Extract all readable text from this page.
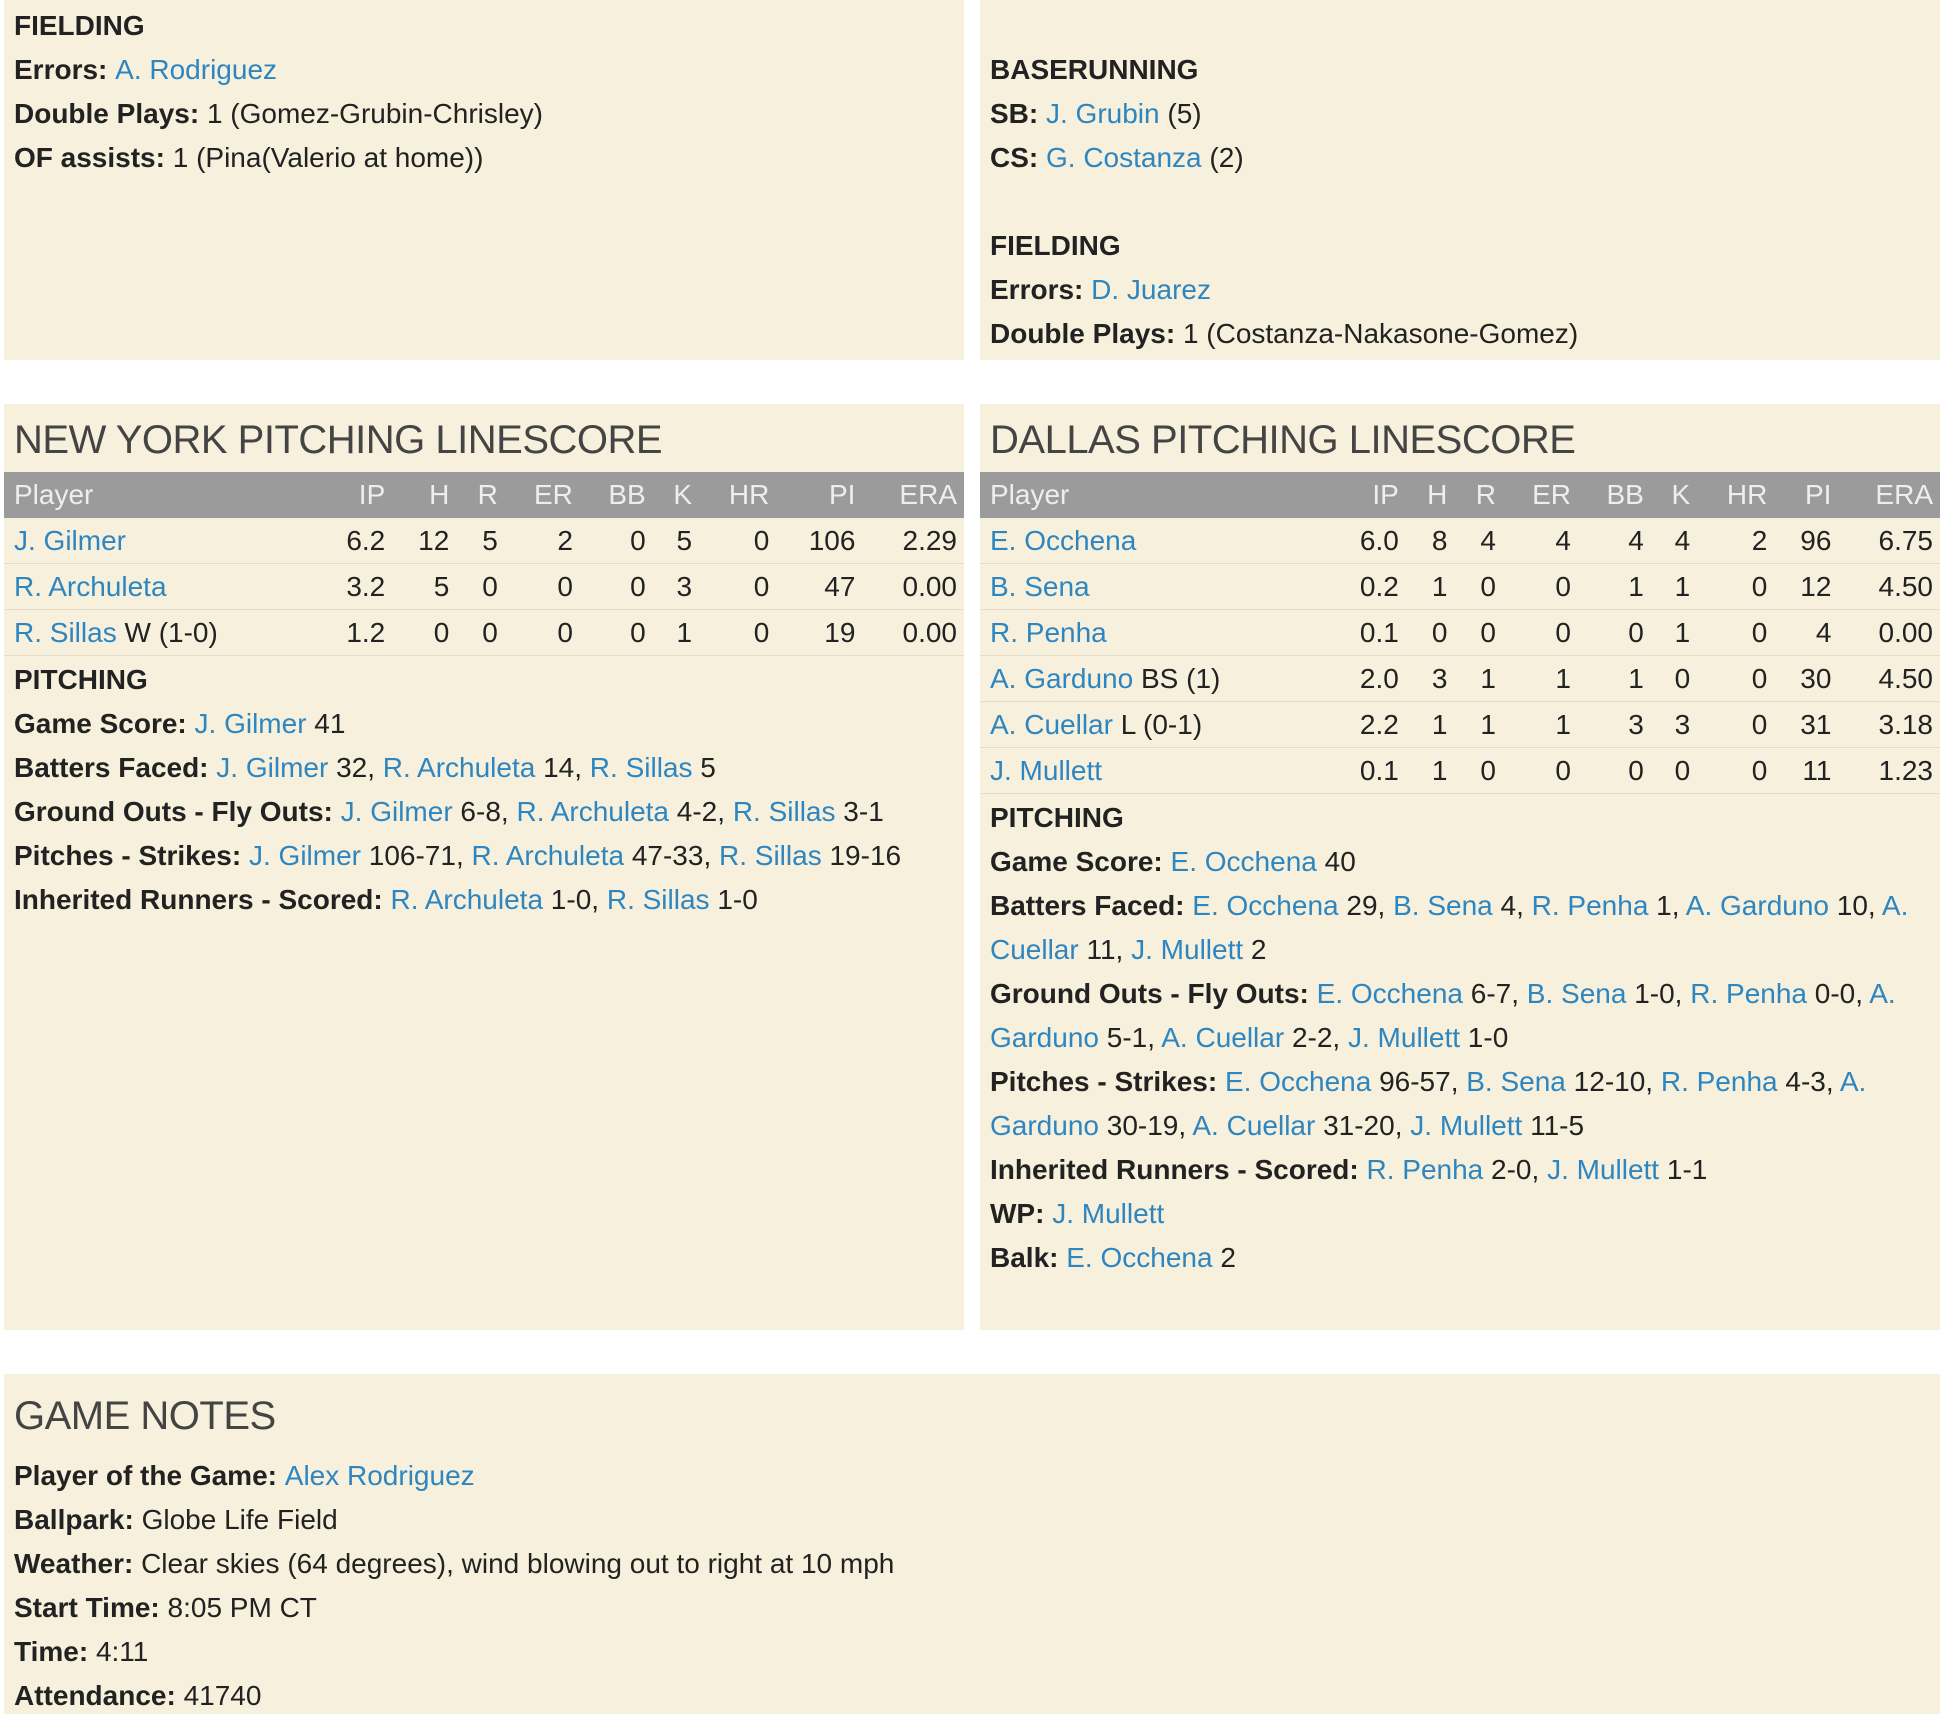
FIELDING
Errors: A. Rodriguez
Double Plays: 1 (Gomez-Grubin-Chrisley)
OF assists: 1 (Pina(Valerio at home))
BASERUNNING
SB: J. Grubin (5)
CS: G. Costanza (2)
FIELDING
Errors: D. Juarez
Double Plays: 1 (Costanza-Nakasone-Gomez)
NEW YORK PITCHING LINESCORE
Player	IP	H	R	ER	BB	K	HR	PI	ERA
J. Gilmer	6.2	12	5	2	0	5	0	106	2.29
R. Archuleta	3.2	5	0	0	0	3	0	47	0.00
R. Sillas W (1-0)	1.2	0	0	0	0	1	0	19	0.00
PITCHING
Game Score: J. Gilmer 41
Batters Faced: J. Gilmer 32, R. Archuleta 14, R. Sillas 5
Ground Outs - Fly Outs: J. Gilmer 6-8, R. Archuleta 4-2, R. Sillas 3-1
Pitches - Strikes: J. Gilmer 106-71, R. Archuleta 47-33, R. Sillas 19-16
Inherited Runners - Scored: R. Archuleta 1-0, R. Sillas 1-0
DALLAS PITCHING LINESCORE
Player	IP	H	R	ER	BB	K	HR	PI	ERA
E. Occhena	6.0	8	4	4	4	4	2	96	6.75
B. Sena	0.2	1	0	0	1	1	0	12	4.50
R. Penha	0.1	0	0	0	0	1	0	4	0.00
A. Garduno BS (1)	2.0	3	1	1	1	0	0	30	4.50
A. Cuellar L (0-1)	2.2	1	1	1	3	3	0	31	3.18
J. Mullett	0.1	1	0	0	0	0	0	11	1.23
PITCHING
Game Score: E. Occhena 40
Batters Faced: E. Occhena 29, B. Sena 4, R. Penha 1, A. Garduno 10, A. Cuellar 11, J. Mullett 2
Ground Outs - Fly Outs: E. Occhena 6-7, B. Sena 1-0, R. Penha 0-0, A. Garduno 5-1, A. Cuellar 2-2, J. Mullett 1-0
Pitches - Strikes: E. Occhena 96-57, B. Sena 12-10, R. Penha 4-3, A. Garduno 30-19, A. Cuellar 31-20, J. Mullett 11-5
Inherited Runners - Scored: R. Penha 2-0, J. Mullett 1-1
WP: J. Mullett
Balk: E. Occhena 2
GAME NOTES
Player of the Game: Alex Rodriguez
Ballpark: Globe Life Field
Weather: Clear skies (64 degrees), wind blowing out to right at 10 mph
Start Time: 8:05 PM CT
Time: 4:11
Attendance: 41740
